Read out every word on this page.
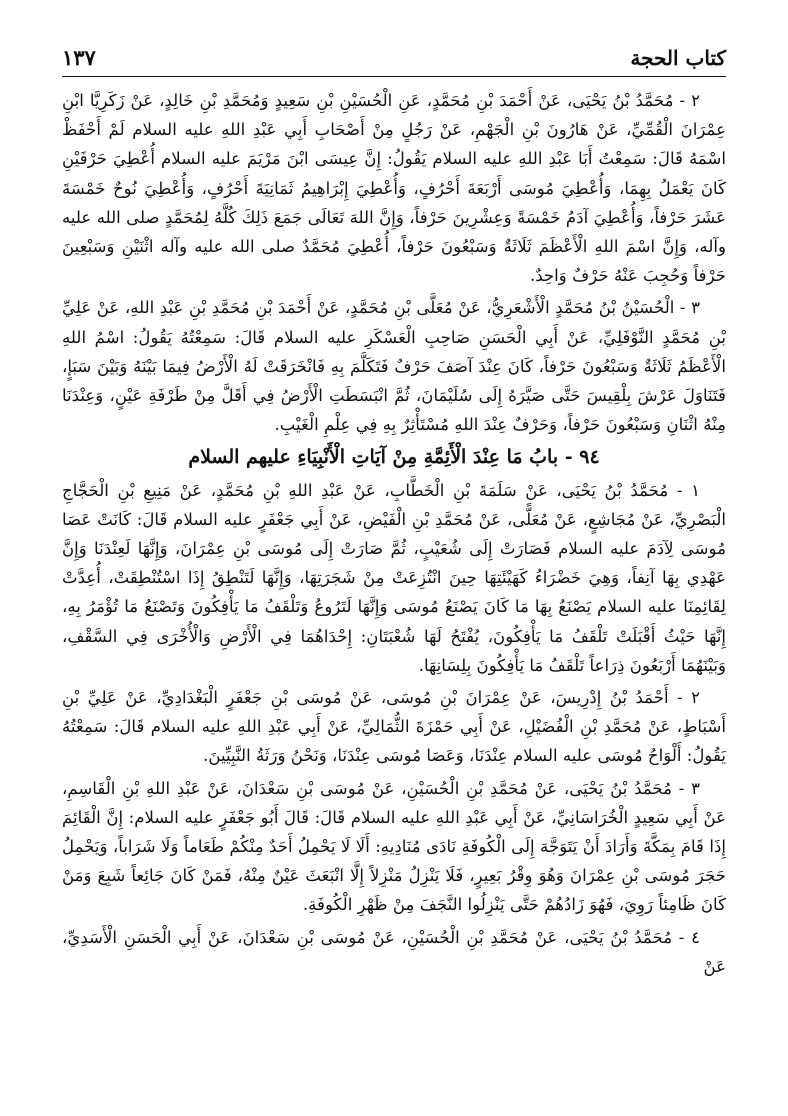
١٣٧	كتاب الحجة

٢ - مُحَمَّدُ بْنُ يَحْيَى، عَنْ أَحْمَدَ بْنِ مُحَمَّدٍ، عَنِ الْحُسَيْنِ بْنِ سَعِيدٍ وَمُحَمَّدِ بْنِ خَالِدٍ، عَنْ زَكَرِيَّا ابْنِ عِمْرَانَ الْقُمِّيِّ، عَنْ هَارُونَ بْنِ الْجَهْمِ، عَنْ رَجُلٍ مِنْ أَصْحَابِ أَبِي عَبْدِ اللهِ عليه السلام لَمْ أَحْفَظْ اسْمَهُ قَالَ: سَمِعْتُ أَبَا عَبْدِ اللهِ عليه السلام يَقُولُ: إِنَّ عِيسَى ابْنَ مَرْيَمَ عليه السلام أُعْطِيَ حَرْفَيْنِ كَانَ يَعْمَلُ بِهِمَا، وَأُعْطِيَ مُوسَى أَرْبَعَةَ أَحْرُفٍ، وَأُعْطِيَ إِبْرَاهِيمُ ثَمَانِيَةَ أَحْرُفٍ، وَأُعْطِيَ نُوحٌ خَمْسَةَ عَشَرَ حَرْفاً، وَأُعْطِيَ آدَمُ خَمْسَةً وَعِشْرِينَ حَرْفاً، وَإِنَّ اللهَ تَعَالَى جَمَعَ ذَلِكَ كُلَّهُ لِمُحَمَّدٍ صلى الله عليه وآله، وَإِنَّ اسْمَ اللهِ الْأَعْظَمَ ثَلَاثَةٌ وَسَبْعُونَ حَرْفاً، أُعْطِيَ مُحَمَّدٌ صلى الله عليه وآله اثْنَيْنِ وَسَبْعِينَ حَرْفاً وَحُجِبَ عَنْهُ حَرْفٌ وَاحِدٌ.

٣ - الْحُسَيْنُ بْنُ مُحَمَّدٍ الْأَشْعَرِيُّ، عَنْ مُعَلَّى بْنِ مُحَمَّدٍ، عَنْ أَحْمَدَ بْنِ مُحَمَّدِ بْنِ عَبْدِ اللهِ، عَنْ عَلِيِّ بْنِ مُحَمَّدٍ النَّوْفَلِيِّ، عَنْ أَبِي الْحَسَنِ صَاحِبِ الْعَسْكَرِ عليه السلام قَالَ: سَمِعْتُهُ يَقُولُ: اسْمُ اللهِ الْأَعْظَمُ ثَلَاثَةٌ وَسَبْعُونَ حَرْفاً، كَانَ عِنْدَ آصَفَ حَرْفٌ فَتَكَلَّمَ بِهِ فَانْخَرَقَتْ لَهُ الْأَرْضُ فِيمَا بَيْنَهُ وَبَيْنَ سَبَإٍ، فَتَنَاوَلَ عَرْشَ بِلْقِيسَ حَتَّى صَيَّرَهُ إِلَى سُلَيْمَانَ، ثُمَّ انْبَسَطَتِ الْأَرْضُ فِي أَقَلَّ مِنْ طَرْفَةِ عَيْنٍ، وَعِنْدَنَا مِنْهُ اثْنَانِ وَسَبْعُونَ حَرْفاً، وَحَرْفٌ عِنْدَ اللهِ مُسْتَأْثِرٌ بِهِ فِي عِلْمِ الْغَيْبِ.

٩٤ - بابُ مَا عِنْدَ الْأَئِمَّةِ مِنْ آيَاتِ الْأَنْبِيَاءِ عليهم السلام

١ - مُحَمَّدُ بْنُ يَحْيَى، عَنْ سَلَمَةَ بْنِ الْخَطَّابِ، عَنْ عَبْدِ اللهِ بْنِ مُحَمَّدٍ، عَنْ مَنِيعِ بْنِ الْحَجَّاجِ الْبَصْرِيِّ، عَنْ مُجَاشِعٍ، عَنْ مُعَلًّى، عَنْ مُحَمَّدِ بْنِ الْفَيْضِ، عَنْ أَبِي جَعْفَرٍ عليه السلام قَالَ: كَانَتْ عَصَا مُوسَى لِآدَمَ عليه السلام فَصَارَتْ إِلَى شُعَيْبٍ، ثُمَّ صَارَتْ إِلَى مُوسَى بْنِ عِمْرَانَ، وَإِنَّهَا لَعِنْدَنَا وَإِنَّ عَهْدِي بِهَا آنِفاً، وَهِيَ خَضْرَاءُ كَهَيْئَتِهَا حِينَ انْتُزِعَتْ مِنْ شَجَرَتِهَا، وَإِنَّهَا لَتَنْطِقُ إِذَا اسْتُنْطِقَتْ، أُعِدَّتْ لِقَائِمِنَا عليه السلام يَصْنَعُ بِهَا مَا كَانَ يَصْنَعُ مُوسَى وَإِنَّهَا لَتَرُوعُ وَتَلْقَفُ مَا يَأْفِكُونَ وَتَصْنَعُ مَا تُؤْمَرُ بِهِ، إِنَّهَا حَيْثُ أَقْبَلَتْ تَلْقَفُ مَا يَأْفِكُونَ، يُفْتَحُ لَهَا شُعْبَتَانِ: إِحْدَاهُمَا فِي الْأَرْضِ وَالْأُخْرَى فِي السَّقْفِ، وَبَيْنَهُمَا أَرْبَعُونَ ذِرَاعاً تَلْقَفُ مَا يَأْفِكُونَ بِلِسَانِهَا.

٢ - أَحْمَدُ بْنُ إِدْرِيسَ، عَنْ عِمْرَانَ بْنِ مُوسَى، عَنْ مُوسَى بْنِ جَعْفَرٍ الْبَغْدَادِيِّ، عَنْ عَلِيِّ بْنِ أَسْبَاطٍ، عَنْ مُحَمَّدِ بْنِ الْفُضَيْلِ، عَنْ أَبِي حَمْزَةَ الثُّمَالِيِّ، عَنْ أَبِي عَبْدِ اللهِ عليه السلام قَالَ: سَمِعْتُهُ يَقُولُ: أَلْوَاحُ مُوسَى عليه السلام عِنْدَنَا، وَعَصَا مُوسَى عِنْدَنَا، وَنَحْنُ وَرَثَةُ النَّبِيِّينَ.

٣ - مُحَمَّدُ بْنُ يَحْيَى، عَنْ مُحَمَّدِ بْنِ الْحُسَيْنِ، عَنْ مُوسَى بْنِ سَعْدَانَ، عَنْ عَبْدِ اللهِ بْنِ الْقَاسِمِ، عَنْ أَبِي سَعِيدٍ الْخُرَاسَانِيِّ، عَنْ أَبِي عَبْدِ اللهِ عليه السلام قَالَ: قَالَ أَبُو جَعْفَرٍ عليه السلام: إِنَّ الْقَائِمَ إِذَا قَامَ بِمَكَّةَ وَأَرَادَ أَنْ يَتَوَجَّهَ إِلَى الْكُوفَةِ نَادَى مُنَادِيهِ: أَلَا لَا يَحْمِلُ أَحَدٌ مِنْكُمْ طَعَاماً وَلَا شَرَاباً، وَيَحْمِلُ حَجَرَ مُوسَى بْنِ عِمْرَانَ وَهُوَ وِقْرُ بَعِيرٍ، فَلَا يَنْزِلُ مَنْزِلاً إِلَّا انْبَعَثَ عَيْنٌ مِنْهُ، فَمَنْ كَانَ جَائِعاً شَبِعَ وَمَنْ كَانَ ظَامِئاً رَوِيَ، فَهُوَ زَادُهُمْ حَتَّى يَنْزِلُوا النَّجَفَ مِنْ ظَهْرِ الْكُوفَةِ.

٤ - مُحَمَّدُ بْنُ يَحْيَى، عَنْ مُحَمَّدِ بْنِ الْحُسَيْنِ، عَنْ مُوسَى بْنِ سَعْدَانَ، عَنْ أَبِي الْحَسَنِ الْأَسَدِيِّ، عَنْ
